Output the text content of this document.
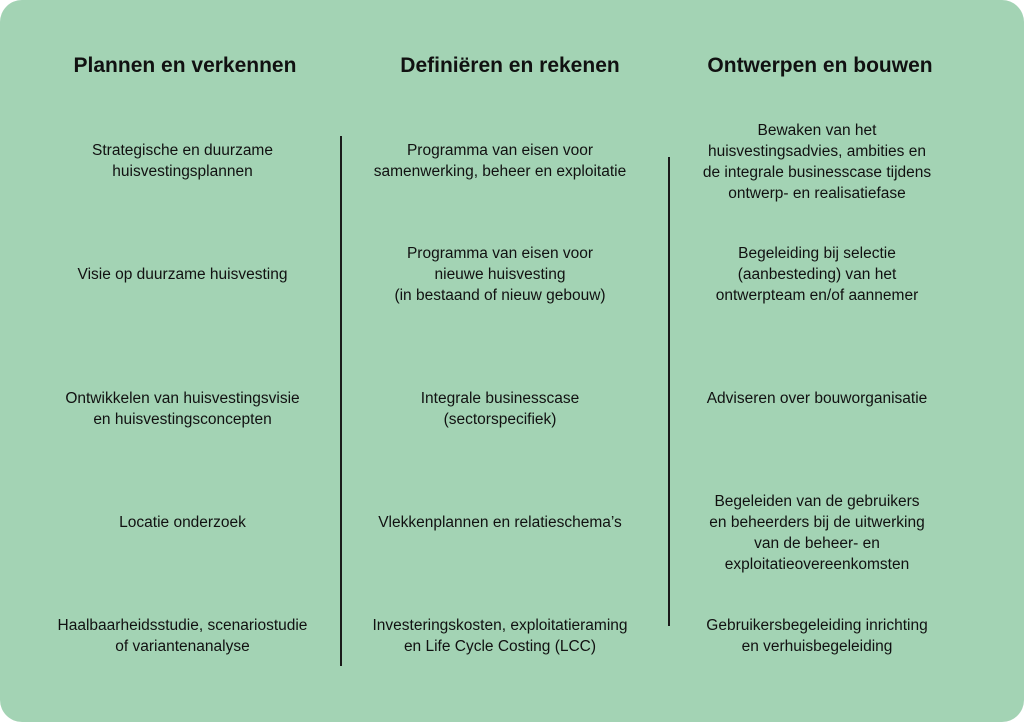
Plannen en verkennen	Definiëren en rekenen	Ontwerpen en bouwen
Strategische en duurzame
huisvestingsplannen
Visie op duurzame huisvesting
Ontwikkelen van huisvestingsvisie
en huisvestingsconcepten
Locatie onderzoek
Haalbaarheidsstudie, scenariostudie
of variantenanalyse
Programma van eisen voor
samenwerking, beheer en exploitatie
Programma van eisen voor
nieuwe huisvesting
(in bestaand of nieuw gebouw)
Integrale businesscase
(sectorspecifiek)
Vlekkenplannen en relatieschema’s
Investeringskosten, exploitatieraming
en Life Cycle Costing (LCC)
Bewaken van het
huisvestingsadvies, ambities en
de integrale businesscase tijdens
ontwerp- en realisatiefase
Begeleiding bij selectie
(aanbesteding) van het
ontwerpteam en/of aannemer
Adviseren over bouworganisatie
Begeleiden van de gebruikers
en beheerders bij de uitwerking
van de beheer- en
exploitatieovereenkomsten
Gebruikersbegeleiding inrichting
en verhuisbegeleiding
